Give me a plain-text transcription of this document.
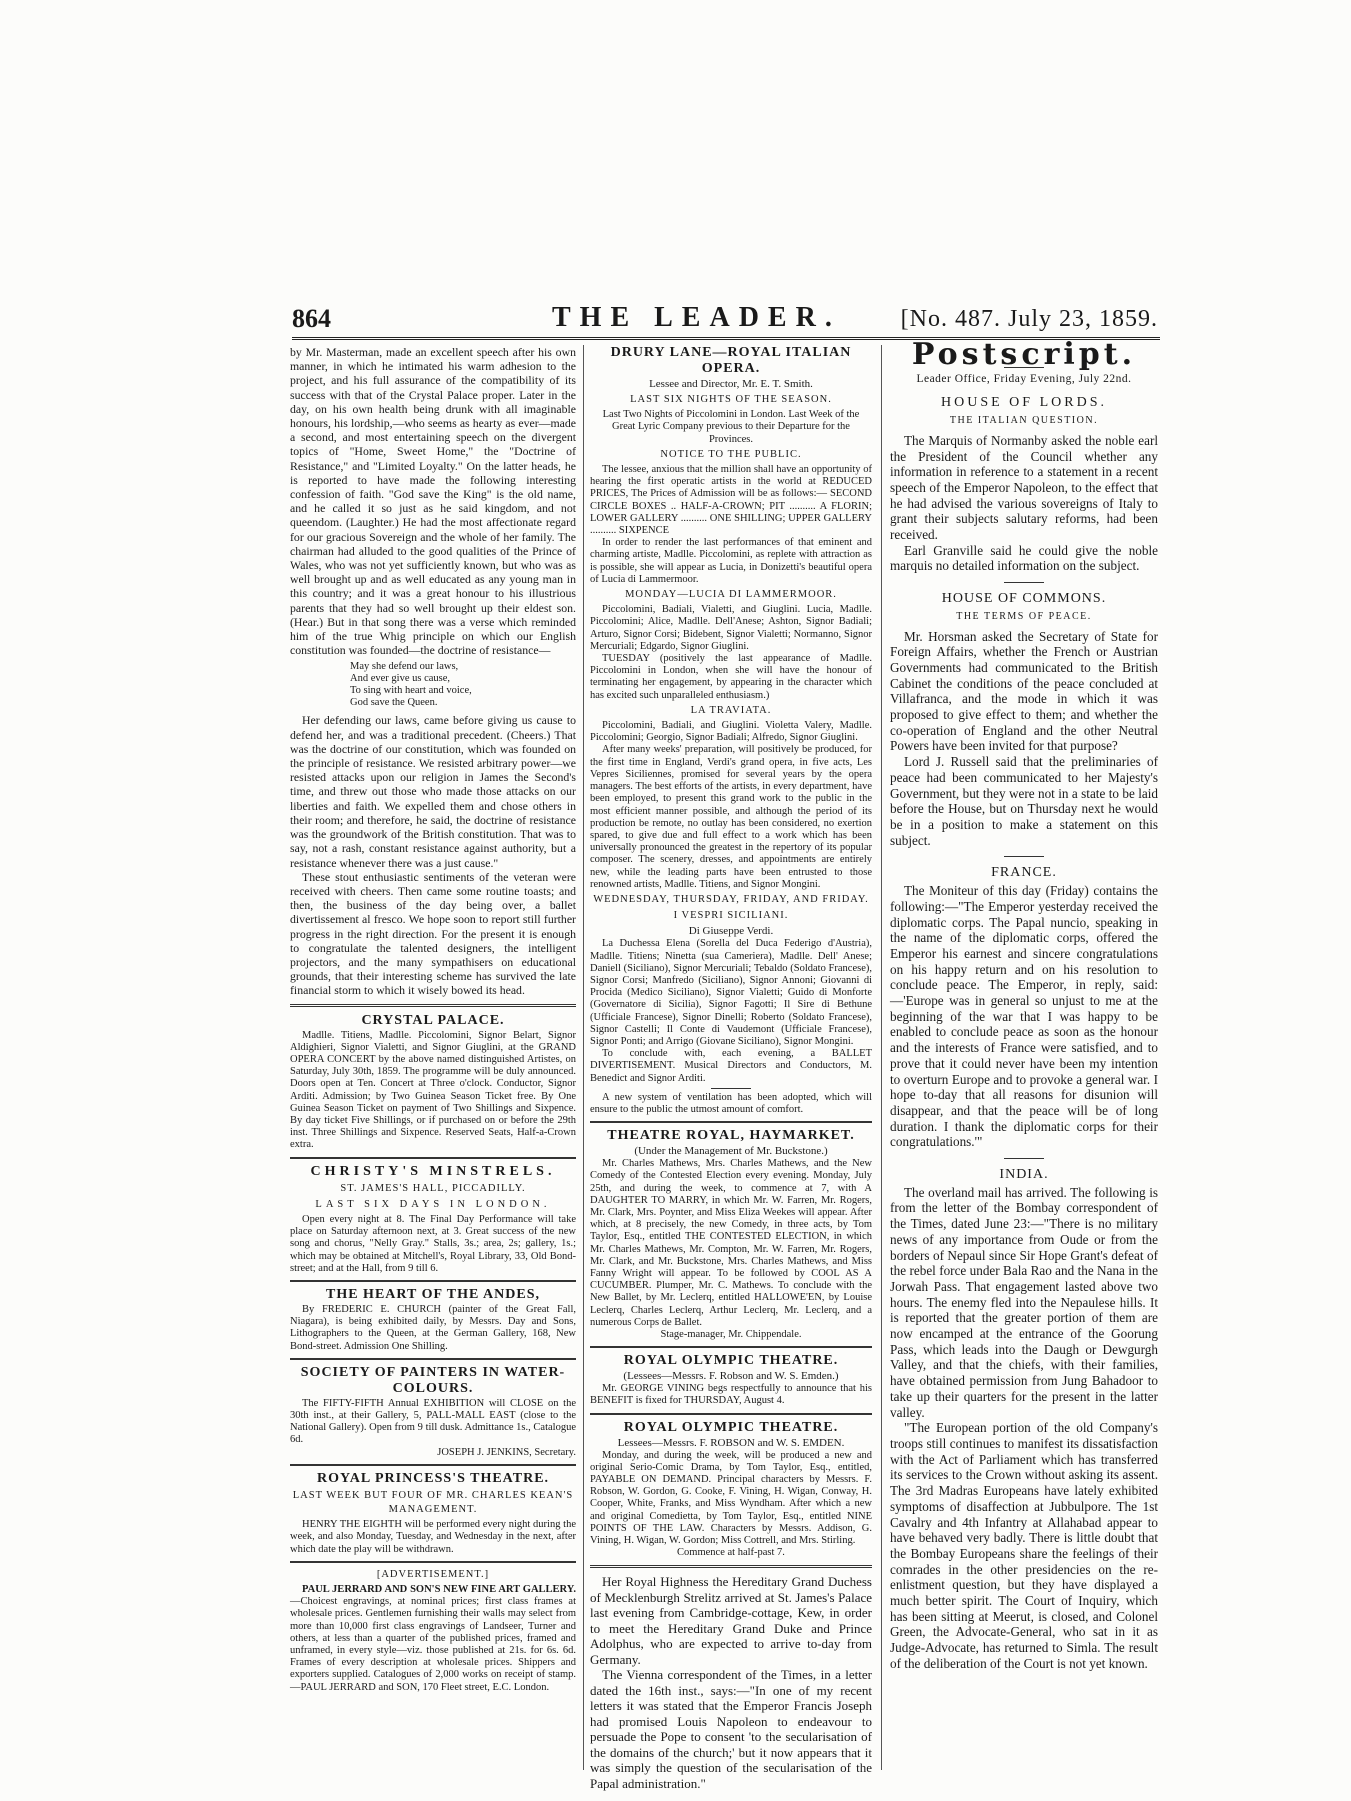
864	THE LEADER. [No. 487. July 23, 1859.

by Mr. Masterman, made an excellent speech after his own manner, in which he intimated his warm adhesion to the project, and his full assurance of the compatibility of its success with that of the Crystal Palace proper. Later in the day, on his own health being drunk with all imaginable honours, his lordship,—who seems as hearty as ever—made a second, and most entertaining speech on the divergent topics of "Home, Sweet Home," the "Doctrine of Resistance," and "Limited Loyalty." On the latter heads, he is reported to have made the following interesting confession of faith. "God save the King" is the old name, and he called it so just as he said kingdom, and not queendom. (Laughter.) He had the most affectionate regard for our gracious Sovereign and the whole of her family. The chairman had alluded to the good qualities of the Prince of Wales, who was not yet sufficiently known, but who was as well brought up and as well educated as any young man in this country; and it was a great honour to his illustrious parents that they had so well brought up their eldest son. (Hear.) But in that song there was a verse which reminded him of the true Whig principle on which our English constitution was founded—the doctrine of resistance—

May she defend our laws,
And ever give us cause,
To sing with heart and voice,
God save the Queen.

Her defending our laws, came before giving us cause to defend her, and was a traditional precedent. (Cheers.) That was the doctrine of our constitution, which was founded on the principle of resistance. We resisted arbitrary power—we resisted attacks upon our religion in James the Second's time, and threw out those who made those attacks on our liberties and faith. We expelled them and chose others in their room; and therefore, he said, the doctrine of resistance was the groundwork of the British constitution. That was to say, not a rash, constant resistance against authority, but a resistance whenever there was a just cause."

These stout enthusiastic sentiments of the veteran were received with cheers. Then came some routine toasts; and then, the business of the day being over, a ballet divertissement al fresco. We hope soon to report still further progress in the right direction. For the present it is enough to congratulate the talented designers, the intelligent projectors, and the many sympathisers on educational grounds, that their interesting scheme has survived the late financial storm to which it wisely bowed its head.

CRYSTAL PALACE.

Madlle. Titiens, Madlle. Piccolomini, Signor Belart, Signor Aldighieri, Signor Vialetti, and Signor Giuglini, at the GRAND OPERA CONCERT by the above named distinguished Artistes, on Saturday, July 30th, 1859. The programme will be duly announced. Doors open at Ten. Concert at Three o'clock. Conductor, Signor Arditi. Admission; by Two Guinea Season Ticket free. By One Guinea Season Ticket on payment of Two Shillings and Sixpence. By day ticket Five Shillings, or if purchased on or before the 29th inst. Three Shillings and Sixpence. Reserved Seats, Half-a-Crown extra.

CHRISTY'S MINSTRELS.
ST. JAMES'S HALL, PICCADILLY.
LAST SIX DAYS IN LONDON.

Open every night at 8. The Final Day Performance will take place on Saturday afternoon next, at 3. Great success of the new song and chorus, "Nelly Gray." Stalls, 3s.; area, 2s; gallery, 1s.; which may be obtained at Mitchell's, Royal Library, 33, Old Bond-street; and at the Hall, from 9 till 6.

THE HEART OF THE ANDES,

By FREDERIC E. CHURCH (painter of the Great Fall, Niagara), is being exhibited daily, by Messrs. Day and Sons, Lithographers to the Queen, at the German Gallery, 168, New Bond-street. Admission One Shilling.

SOCIETY OF PAINTERS IN WATER-COLOURS.

The FIFTY-FIFTH Annual EXHIBITION will CLOSE on the 30th inst., at their Gallery, 5, PALL-MALL EAST (close to the National Gallery). Open from 9 till dusk. Admittance 1s., Catalogue 6d.

JOSEPH J. JENKINS, Secretary.
ROYAL PRINCESS'S THEATRE.
LAST WEEK BUT FOUR OF MR. CHARLES KEAN'S MANAGEMENT.

HENRY THE EIGHTH will be performed every night during the week, and also Monday, Tuesday, and Wednesday in the next, after which date the play will be withdrawn.

[ADVERTISEMENT.]

PAUL JERRARD AND SON'S NEW FINE ART GALLERY.—Choicest engravings, at nominal prices; first class frames at wholesale prices. Gentlemen furnishing their walls may select from more than 10,000 first class engravings of Landseer, Turner and others, at less than a quarter of the published prices, framed and unframed, in every style—viz. those published at 21s. for 6s. 6d. Frames of every description at wholesale prices. Shippers and exporters supplied. Catalogues of 2,000 works on receipt of stamp.—PAUL JERRARD and SON, 170 Fleet street, E.C. London.

DRURY LANE—ROYAL ITALIAN OPERA.
Lessee and Director, Mr. E. T. Smith.
LAST SIX NIGHTS OF THE SEASON.

Last Two Nights of Piccolomini in London. Last Week of the Great Lyric Company previous to their Departure for the Provinces.

NOTICE TO THE PUBLIC.

The lessee, anxious that the million shall have an opportunity of hearing the first operatic artists in the world at REDUCED PRICES, The Prices of Admission will be as follows:— SECOND CIRCLE BOXES .. HALF-A-CROWN; PIT .......... A FLORIN; LOWER GALLERY .......... ONE SHILLING; UPPER GALLERY .......... SIXPENCE

In order to render the last performances of that eminent and charming artiste, Madlle. Piccolomini, as replete with attraction as is possible, she will appear as Lucia, in Donizetti's beautiful opera of Lucia di Lammermoor.

MONDAY—LUCIA DI LAMMERMOOR.

Piccolomini, Badiali, Vialetti, and Giuglini. Lucia, Madlle. Piccolomini; Alice, Madlle. Dell'Anese; Ashton, Signor Badiali; Arturo, Signor Corsi; Bidebent, Signor Vialetti; Normanno, Signor Mercuriali; Edgardo, Signor Giuglini.

TUESDAY (positively the last appearance of Madlle. Piccolomini in London, when she will have the honour of terminating her engagement, by appearing in the character which has excited such unparalleled enthusiasm.)

LA TRAVIATA.

Piccolomini, Badiali, and Giuglini. Violetta Valery, Madlle. Piccolomini; Georgio, Signor Badiali; Alfredo, Signor Giuglini.

After many weeks' preparation, will positively be produced, for the first time in England, Verdi's grand opera, in five acts, Les Vepres Siciliennes, promised for several years by the opera managers. The best efforts of the artists, in every department, have been employed, to present this grand work to the public in the most efficient manner possible, and although the period of its production be remote, no outlay has been considered, no exertion spared, to give due and full effect to a work which has been universally pronounced the greatest in the repertory of its popular composer. The scenery, dresses, and appointments are entirely new, while the leading parts have been entrusted to those renowned artists, Madlle. Titiens, and Signor Mongini.

WEDNESDAY, THURSDAY, FRIDAY, AND FRIDAY.
I VESPRI SICILIANI.
Di Giuseppe Verdi.

La Duchessa Elena (Sorella del Duca Federigo d'Austria), Madlle. Titiens; Ninetta (sua Cameriera), Madlle. Dell' Anese; Daniell (Siciliano), Signor Mercuriali; Tebaldo (Soldato Francese), Signor Corsi; Manfredo (Siciliano), Signor Annoni; Giovanni di Procida (Medico Siciliano), Signor Vialetti; Guido di Monforte (Governatore di Sicilia), Signor Fagotti; Il Sire di Bethune (Ufficiale Francese), Signor Dinelli; Roberto (Soldato Francese), Signor Castelli; Il Conte di Vaudemont (Ufficiale Francese), Signor Ponti; and Arrigo (Giovane Siciliano), Signor Mongini.

To conclude with, each evening, a BALLET DIVERTISEMENT. Musical Directors and Conductors, M. Benedict and Signor Arditi.

A new system of ventilation has been adopted, which will ensure to the public the utmost amount of comfort.

THEATRE ROYAL, HAYMARKET.
(Under the Management of Mr. Buckstone.)

Mr. Charles Mathews, Mrs. Charles Mathews, and the New Comedy of the Contested Election every evening. Monday, July 25th, and during the week, to commence at 7, with A DAUGHTER TO MARRY, in which Mr. W. Farren, Mr. Rogers, Mr. Clark, Mrs. Poynter, and Miss Eliza Weekes will appear. After which, at 8 precisely, the new Comedy, in three acts, by Tom Taylor, Esq., entitled THE CONTESTED ELECTION, in which Mr. Charles Mathews, Mr. Compton, Mr. W. Farren, Mr. Rogers, Mr. Clark, and Mr. Buckstone, Mrs. Charles Mathews, and Miss Fanny Wright will appear. To be followed by COOL AS A CUCUMBER. Plumper, Mr. C. Mathews. To conclude with the New Ballet, by Mr. Leclerq, entitled HALLOWE'EN, by Louise Leclerq, Charles Leclerq, Arthur Leclerq, Mr. Leclerq, and a numerous Corps de Ballet.

Stage-manager, Mr. Chippendale.
ROYAL OLYMPIC THEATRE.
(Lessees—Messrs. F. Robson and W. S. Emden.)

Mr. GEORGE VINING begs respectfully to announce that his BENEFIT is fixed for THURSDAY, August 4.

ROYAL OLYMPIC THEATRE.
Lessees—Messrs. F. ROBSON and W. S. EMDEN.

Monday, and during the week, will be produced a new and original Serio-Comic Drama, by Tom Taylor, Esq., entitled, PAYABLE ON DEMAND. Principal characters by Messrs. F. Robson, W. Gordon, G. Cooke, F. Vining, H. Wigan, Conway, H. Cooper, White, Franks, and Miss Wyndham. After which a new and original Comedietta, by Tom Taylor, Esq., entitled NINE POINTS OF THE LAW. Characters by Messrs. Addison, G. Vining, H. Wigan, W. Gordon; Miss Cottrell, and Mrs. Stirling.

Commence at half-past 7.

Her Royal Highness the Hereditary Grand Duchess of Mecklenburgh Strelitz arrived at St. James's Palace last evening from Cambridge-cottage, Kew, in order to meet the Hereditary Grand Duke and Prince Adolphus, who are expected to arrive to-day from Germany.

The Vienna correspondent of the Times, in a letter dated the 16th inst., says:—"In one of my recent letters it was stated that the Emperor Francis Joseph had promised Louis Napoleon to endeavour to persuade the Pope to consent 'to the secularisation of the domains of the church;' but it now appears that it was simply the question of the secularisation of the Papal administration."

Postscript.
Leader Office, Friday Evening, July 22nd.
HOUSE OF LORDS.
THE ITALIAN QUESTION.

The Marquis of Normanby asked the noble earl the President of the Council whether any information in reference to a statement in a recent speech of the Emperor Napoleon, to the effect that he had advised the various sovereigns of Italy to grant their subjects salutary reforms, had been received.

Earl Granville said he could give the noble marquis no detailed information on the subject.

HOUSE OF COMMONS.
THE TERMS OF PEACE.

Mr. Horsman asked the Secretary of State for Foreign Affairs, whether the French or Austrian Governments had communicated to the British Cabinet the conditions of the peace concluded at Villafranca, and the mode in which it was proposed to give effect to them; and whether the co-operation of England and the other Neutral Powers have been invited for that purpose?

Lord J. Russell said that the preliminaries of peace had been communicated to her Majesty's Government, but they were not in a state to be laid before the House, but on Thursday next he would be in a position to make a statement on this subject.

FRANCE.

The Moniteur of this day (Friday) contains the following:—"The Emperor yesterday received the diplomatic corps. The Papal nuncio, speaking in the name of the diplomatic corps, offered the Emperor his earnest and sincere congratulations on his happy return and on his resolution to conclude peace. The Emperor, in reply, said:—'Europe was in general so unjust to me at the beginning of the war that I was happy to be enabled to conclude peace as soon as the honour and the interests of France were satisfied, and to prove that it could never have been my intention to overturn Europe and to provoke a general war. I hope to-day that all reasons for disunion will disappear, and that the peace will be of long duration. I thank the diplomatic corps for their congratulations.'"

INDIA.

The overland mail has arrived. The following is from the letter of the Bombay correspondent of the Times, dated June 23:—"There is no military news of any importance from Oude or from the borders of Nepaul since Sir Hope Grant's defeat of the rebel force under Bala Rao and the Nana in the Jorwah Pass. That engagement lasted above two hours. The enemy fled into the Nepaulese hills. It is reported that the greater portion of them are now encamped at the entrance of the Goorung Pass, which leads into the Daugh or Dewgurgh Valley, and that the chiefs, with their families, have obtained permission from Jung Bahadoor to take up their quarters for the present in the latter valley.

"The European portion of the old Company's troops still continues to manifest its dissatisfaction with the Act of Parliament which has transferred its services to the Crown without asking its assent. The 3rd Madras Europeans have lately exhibited symptoms of disaffection at Jubbulpore. The 1st Cavalry and 4th Infantry at Allahabad appear to have behaved very badly. There is little doubt that the Bombay Europeans share the feelings of their comrades in the other presidencies on the re-enlistment question, but they have displayed a much better spirit. The Court of Inquiry, which has been sitting at Meerut, is closed, and Colonel Green, the Advocate-General, who sat in it as Judge-Advocate, has returned to Simla. The result of the deliberation of the Court is not yet known.
